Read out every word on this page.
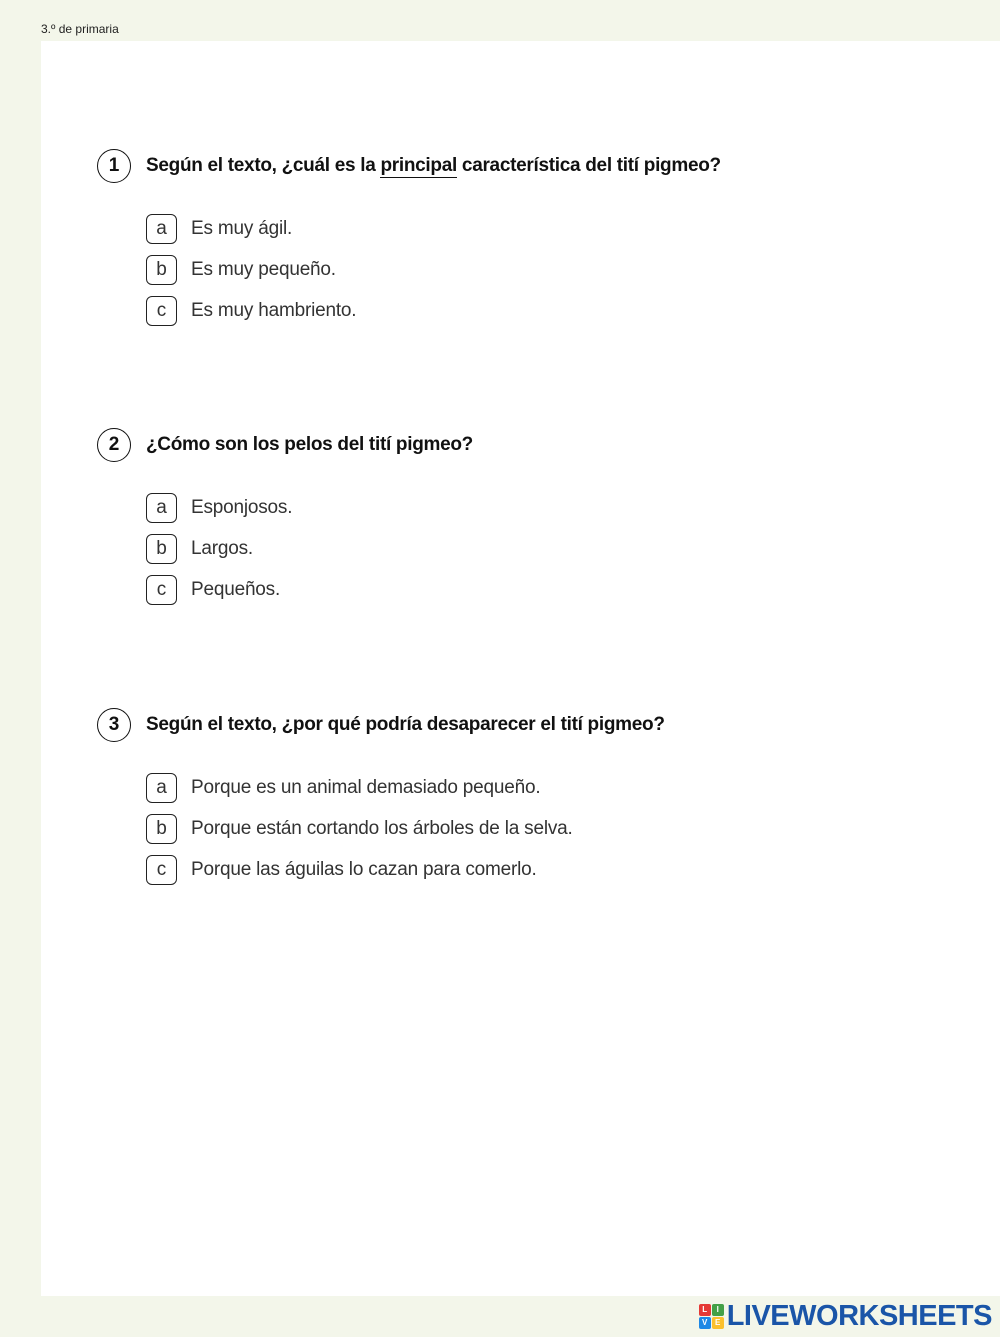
3.º de primaria
1	Según el texto, ¿cuál es la principal característica del tití pigmeo?
a	Es muy ágil.
b	Es muy pequeño.
c	Es muy hambriento.
2	¿Cómo son los pelos del tití pigmeo?
a	Esponjosos.
b	Largos.
c	Pequeños.
3	Según el texto, ¿por qué podría desaparecer el tití pigmeo?
a	Porque es un animal demasiado pequeño.
b	Porque están cortando los árboles de la selva.
c	Porque las águilas lo cazan para comerlo.
L	I
V E LIVEWORKSHEETS
